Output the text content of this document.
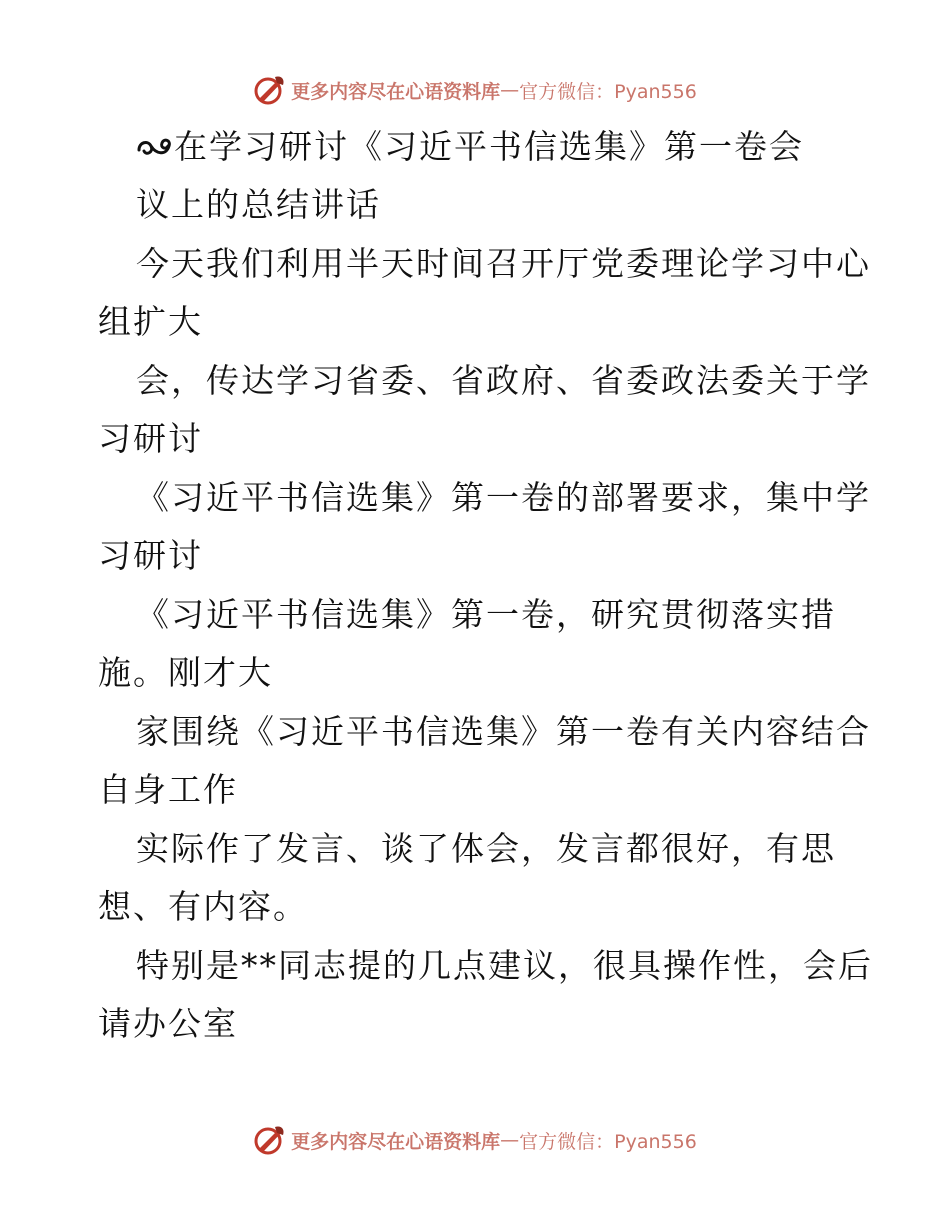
更多内容尽在心语资料库 — 官方微信：Pyan556
在学习研讨《习近平书信选集》第一卷会
议上的总结讲话
今天我们利用半天时间召开厅党委理论学习中心
组扩大
会，传达学习省委、省政府、省委政法委关于学
习研讨
《习近平书信选集》第一卷的部署要求，集中学
习研讨
《习近平书信选集》第一卷，研究贯彻落实措
施。刚才大
家围绕《习近平书信选集》第一卷有关内容结合
自身工作
实际作了发言、谈了体会，发言都很好，有思
想、有内容。
特别是**同志提的几点建议，很具操作性，会后
请办公室
更多内容尽在心语资料库 — 官方微信：Pyan556
